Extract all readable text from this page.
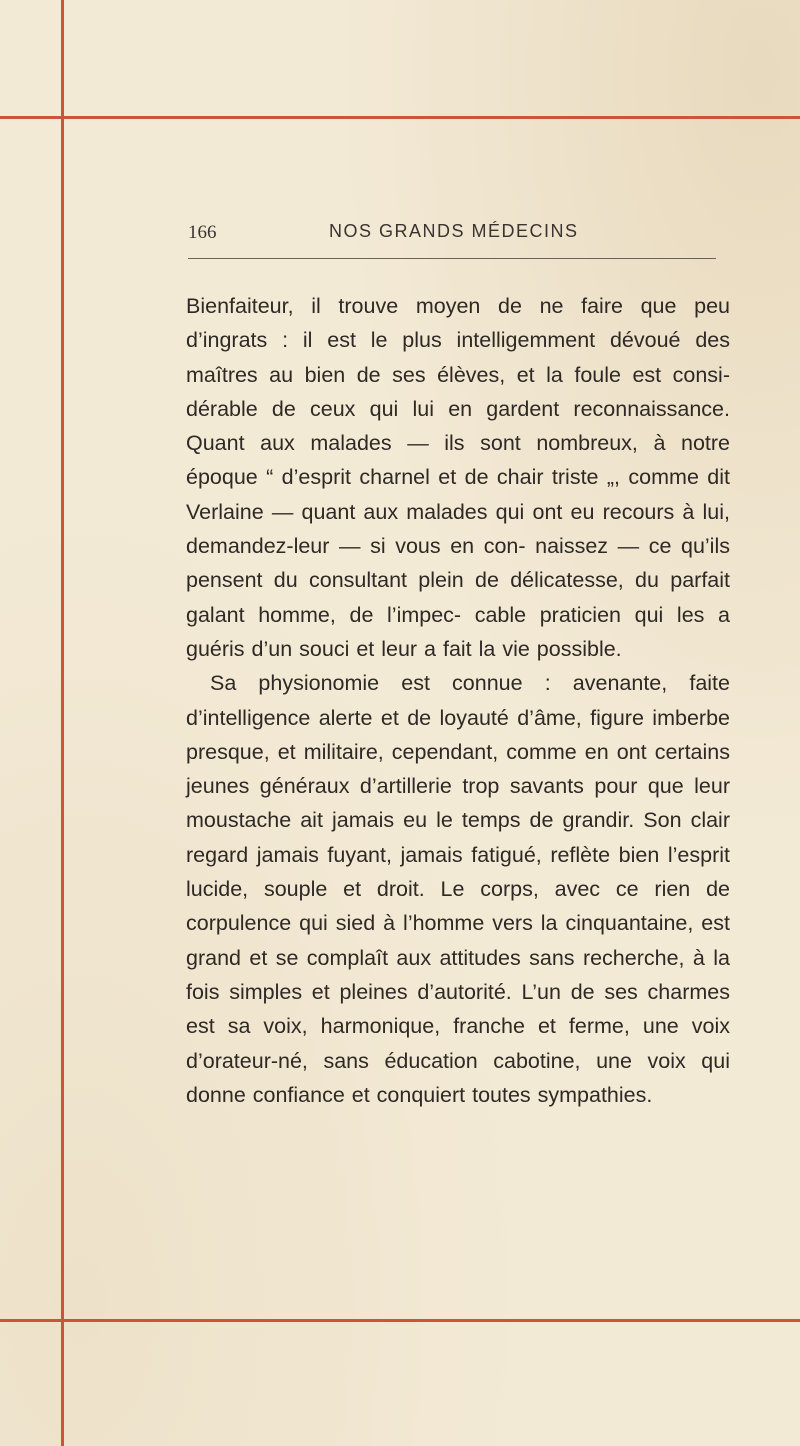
166	NOS GRANDS MÉDECINS

Bienfaiteur, il trouve moyen de ne faire que peu d’ingrats : il est le plus intelligemment dévoué des maîtres au bien de ses élèves, et la foule est consi- dérable de ceux qui lui en gardent reconnaissance. Quant aux malades — ils sont nombreux, à notre époque “ d’esprit charnel et de chair triste „, comme dit Verlaine — quant aux malades qui ont eu recours à lui, demandez-leur — si vous en con- naissez — ce qu’ils pensent du consultant plein de délicatesse, du parfait galant homme, de l’impec- cable praticien qui les a guéris d’un souci et leur a fait la vie possible.

Sa physionomie est connue : avenante, faite d’intelligence alerte et de loyauté d’âme, figure imberbe presque, et militaire, cependant, comme en ont certains jeunes généraux d’artillerie trop savants pour que leur moustache ait jamais eu le temps de grandir. Son clair regard jamais fuyant, jamais fatigué, reflète bien l’esprit lucide, souple et droit. Le corps, avec ce rien de corpulence qui sied à l’homme vers la cinquantaine, est grand et se complaît aux attitudes sans recherche, à la fois simples et pleines d’autorité. L’un de ses charmes est sa voix, harmonique, franche et ferme, une voix d’orateur-né, sans éducation cabotine, une voix qui donne confiance et conquiert toutes sympathies.
